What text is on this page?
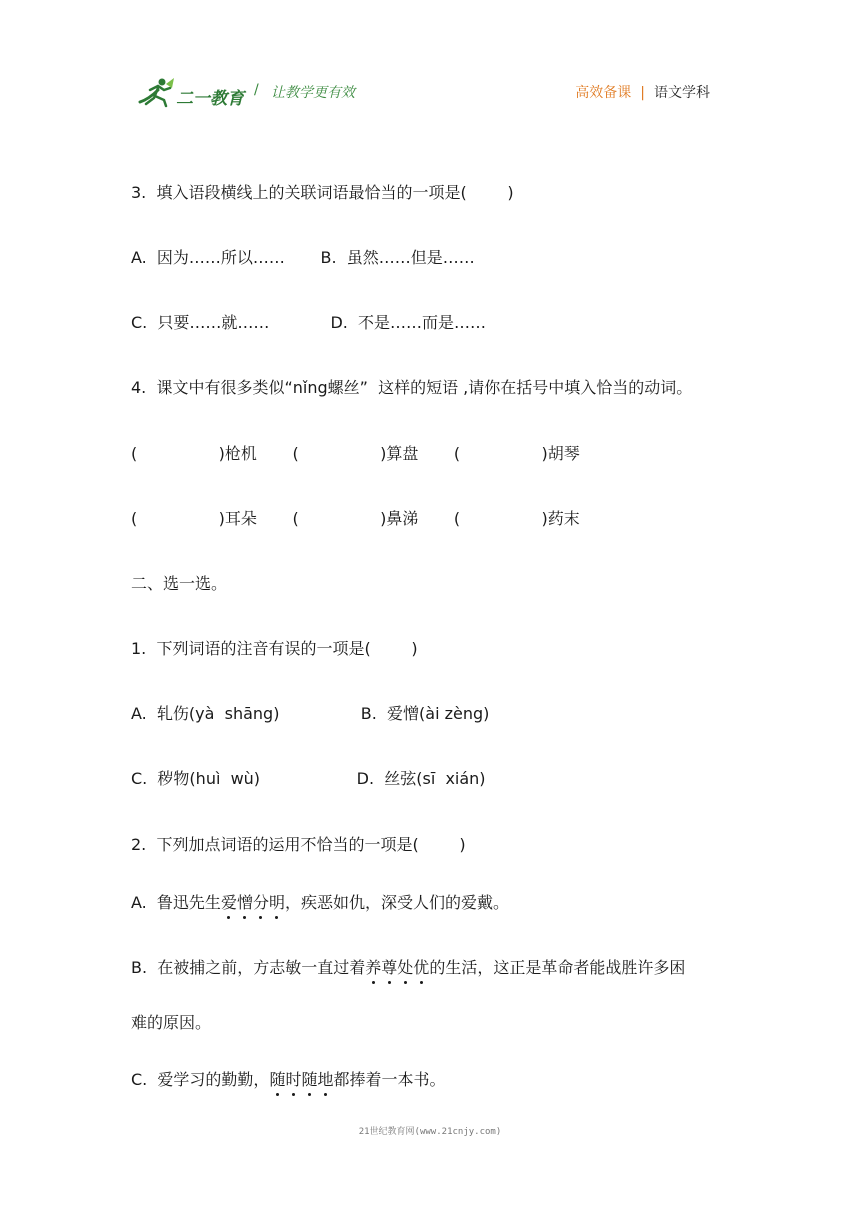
二一教育 / 让教学更有效	高效备课 | 语文学科
3.  填入语段横线上的关联词语最恰当的一项是(        )
A.  因为……所以……       B.  虽然……但是……
C.  只要……就……            D.  不是……而是……
4.  课文中有很多类似“nǐng螺丝”  这样的短语 ,请你在括号中填入恰当的动词。
(                )枪机       (                )算盘       (                )胡琴
(                )耳朵       (                )鼻涕       (                )药末
二、选一选。
1.  下列词语的注音有误的一项是(        )
A.  轧伤(yà  shāng)                B.  爱憎(ài zèng)
C.  秽物(huì  wù)                   D.  丝弦(sī  xián)
2.  下列加点词语的运用不恰当的一项是(        )
A.  鲁迅先生爱憎分明，疾恶如仇，深受人们的爱戴。
B.  在被捕之前，方志敏一直过着养尊处优的生活，这正是革命者能战胜许多困
难的原因。
C.  爱学习的勤勤，随时随地都捧着一本书。
21世纪教育网(www.21cnjy.com)
